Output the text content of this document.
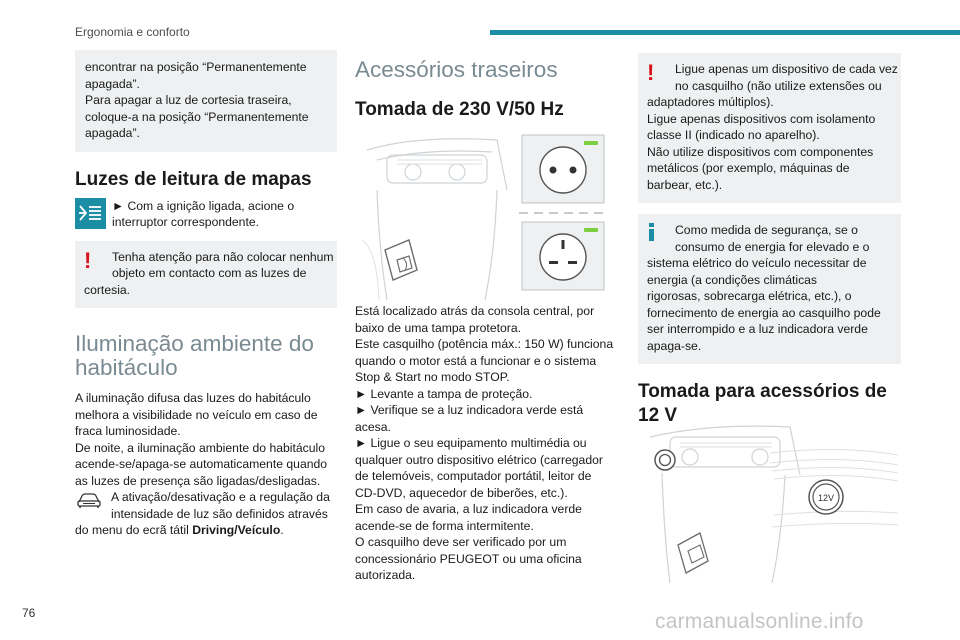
Ergonomia e conforto
encontrar na posição “Permanentemente
apagada”.
Para apagar a luz de cortesia traseira,
coloque-a na posição “Permanentemente
apagada”.
Luzes de leitura de mapas
► Com a ignição ligada, acione o
interruptor correspondente.
!	Tenha atenção para não colocar nenhum
objeto em contacto com as luzes de
cortesia.
Iluminação ambiente do
habitáculo
A iluminação difusa das luzes do habitáculo
melhora a visibilidade no veículo em caso de
fraca luminosidade.
De noite, a iluminação ambiente do habitáculo
acende-se/apaga-se automaticamente quando
as luzes de presença são ligadas/desligadas.
A ativação/desativação e a regulação da
intensidade de luz são definidos através
do menu do ecrã tátil Driving/Veículo.
Acessórios traseiros
Tomada de 230 V/50 Hz
Está localizado atrás da consola central, por
baixo de uma tampa protetora.
Este casquilho (potência máx.: 150 W) funciona
quando o motor está a funcionar e o sistema
Stop & Start no modo STOP.
► Levante a tampa de proteção.
► Verifique se a luz indicadora verde está
acesa.
► Ligue o seu equipamento multimédia ou
qualquer outro dispositivo elétrico (carregador
de telemóveis, computador portátil, leitor de
CD-DVD, aquecedor de biberões, etc.).
Em caso de avaria, a luz indicadora verde
acende-se de forma intermitente.
O casquilho deve ser verificado por um
concessionário PEUGEOT ou uma oficina
autorizada.
!	Ligue apenas um dispositivo de cada vez
no casquilho (não utilize extensões ou
adaptadores múltiplos).
Ligue apenas dispositivos com isolamento
classe II (indicado no aparelho).
Não utilize dispositivos com componentes
metálicos (por exemplo, máquinas de
barbear, etc.).
Como medida de segurança, se o
consumo de energia for elevado e o
sistema elétrico do veículo necessitar de
energia (a condições climáticas
rigorosas, sobrecarga elétrica, etc.), o
fornecimento de energia ao casquilho pode
ser interrompido e a luz indicadora verde
apaga-se.
Tomada para acessórios de
12 V
12V
76	carmanualsonline.info
